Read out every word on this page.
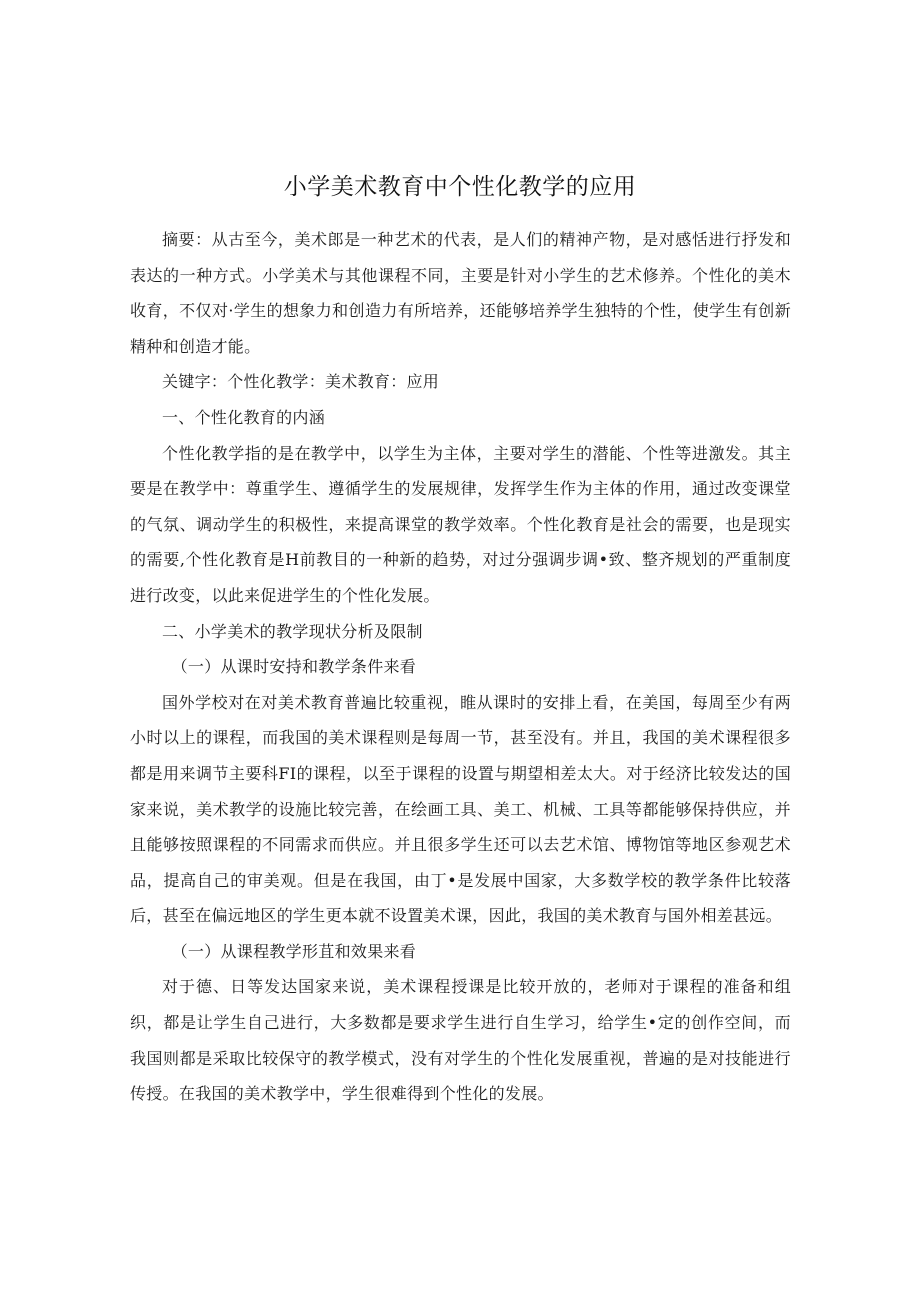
小学美术教育中个性化教学的应用

摘要：从古至今，美术郎是一种艺术的代表，是人们的精神产物，是对感恬进行抒发和表达的一种方式。小学美术与其他课程不同，主要是针对小学生的艺术修养。个性化的美木收育，不仅对·学生的想象力和创造力有所培养，还能够培养学生独特的个性，使学生有创新精种和创造才能。

关键字：个性化教学：美术教育：应用

一、个性化教育的内涵

个性化教学指的是在教学中，以学生为主体，主要对学生的潜能、个性等进激发。其主要是在教学中：尊重学生、遵循学生的发展规律，发挥学生作为主体的作用，通过改变课堂的气氛、调动学生的积极性，来提高课堂的教学效率。个性化教育是社会的需要，也是现实的需要,个性化教育是H前教目的一种新的趋势，对过分强调步调•致、整齐规划的严重制度进行改变，以此来促进学生的个性化发展。

二、小学美术的教学现状分析及限制

（一）从课时安持和教学条件来看

国外学校对在对美术教育普遍比较重视，睢从课时的安排上看，在美国，每周至少有两小时以上的课程，而我国的美术课程则是每周一节，甚至没有。并且，我国的美术课程很多都是用来调节主要科FI的课程，以至于课程的设置与期望相差太大。对于经济比较发达的国家来说，美术教学的设施比较完善，在绘画工具、美工、机械、工具等都能够保持供应，并且能够按照课程的不同需求而供应。并且很多学生还可以去艺术馆、博物馆等地区参观艺术品，提高自己的审美观。但是在我国，由丁•是发展中国家，大多数学校的教学条件比较落后，甚至在偏远地区的学生更本就不设置美术课，因此，我国的美术教育与国外相差甚远。

（一）从课程教学形苴和效果来看

对于德、日等发达国家来说，美术课程授课是比较开放的，老师对于课程的准备和组织，都是让学生自己进行，大多数都是要求学生进行自生学习，给学生•定的创作空间，而我国则都是采取比较保守的教学模式，没有对学生的个性化发展重视，普遍的是对技能进行传授。在我国的美术教学中，学生很难得到个性化的发展。
